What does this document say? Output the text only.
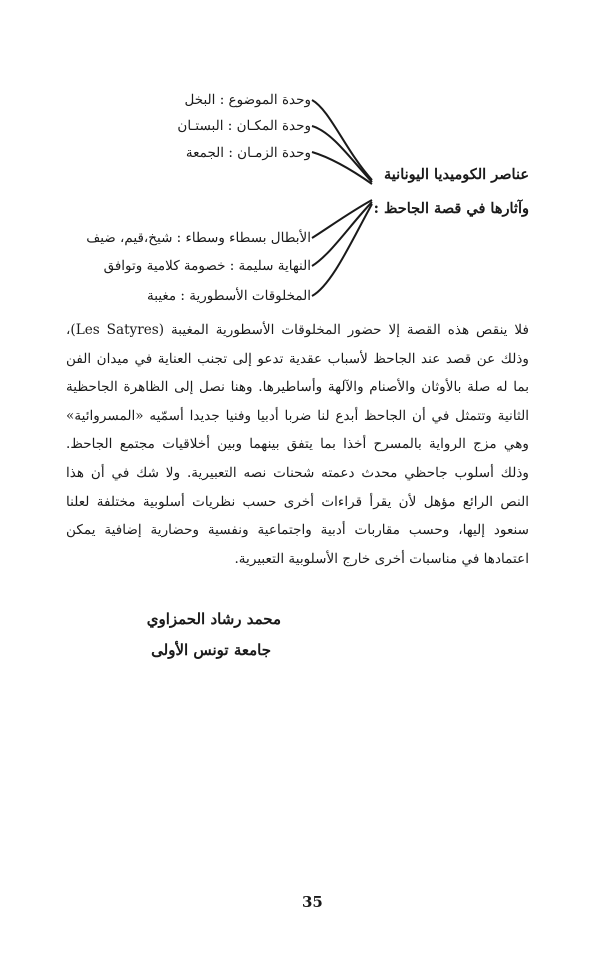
وحدة الموضوع : البخل
وحدة المكـان : البستـان
وحدة الزمـان : الجمعة
الأبطال بسطاء وسطاء : شيخ،قيم، ضيف
النهاية سليمة : خصومة كلامية وتوافق
المخلوقات الأسطورية : مغيبة
عناصر الكوميديا اليونانية
وآثارها في قصة الجاحظ :
فلا ينقص هذه القصة إلا حضور المخلوقات الأسطورية المغيبة (Les Satyres)، وذلك عن قصد عند الجاحظ لأسباب عقدية تدعو إلى تجنب العناية في ميدان الفن بما له صلة بالأوثان والأصنام والآلهة وأساطيرها. وهنا نصل إلى الظاهرة الجاحظية الثانية وتتمثل في أن الجاحظ أبدع لنا ضربا أدبيا وفنيا جديدا أسمّيه «المسروائية» وهي مزج الرواية بالمسرح أخذا بما يتفق بينهما وبين أخلاقيات مجتمع الجاحظ. وذلك أسلوب جاحظي محدث دعمته شحنات نصه التعبيرية. ولا شك في أن هذا النص الرائع مؤهل لأن يقرأ قراءات أخرى حسب نظريات أسلوبية مختلفة لعلنا سنعود إليها، وحسب مقاربات أدبية واجتماعية ونفسية وحضارية إضافية يمكن اعتمادها في مناسبات أخرى خارج الأسلوبية التعبيرية.
محمد رشاد الحمزاوي
جامعة تونس الأولى
35
